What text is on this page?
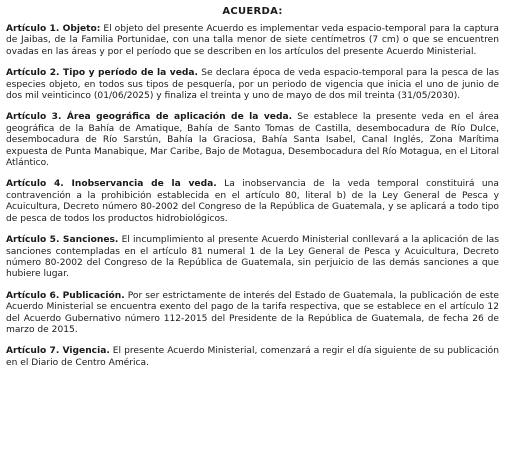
ACUERDA:

Artículo 1. Objeto: El objeto del presente Acuerdo es implementar veda espacio-temporal para la captura de Jaibas, de la Familia Portunidae, con una talla menor de siete centímetros (7 cm) o que se encuentren ovadas en las áreas y por el período que se describen en los artículos del presente Acuerdo Ministerial.

Artículo 2. Tipo y período de la veda. Se declara época de veda espacio-temporal para la pesca de las especies objeto, en todos sus tipos de pesquería, por un periodo de vigencia que inicia el uno de junio de dos mil veinticinco (01/06/2025) y finaliza el treinta y uno de mayo de dos mil treinta (31/05/2030).

Artículo 3. Área geográfica de aplicación de la veda. Se establece la presente veda en el área geográfica de la Bahía de Amatique, Bahía de Santo Tomas de Castilla, desembocadura de Río Dulce, desembocadura de Río Sarstún, Bahía la Graciosa, Bahía Santa Isabel, Canal Inglés, Zona Marítima expuesta de Punta Manabique, Mar Caribe, Bajo de Motagua, Desembocadura del Río Motagua, en el Litoral Atlántico.

Artículo 4. Inobservancia de la veda. La inobservancia de la veda temporal constituirá una contravención a la prohibición establecida en el artículo 80, literal b) de la Ley General de Pesca y Acuicultura, Decreto número 80-2002 del Congreso de la República de Guatemala, y se aplicará a todo tipo de pesca de todos los productos hidrobiológicos.

Artículo 5. Sanciones. El incumplimiento al presente Acuerdo Ministerial conllevará a la aplicación de las sanciones contempladas en el artículo 81 numeral 1 de la Ley General de Pesca y Acuicultura, Decreto número 80-2002 del Congreso de la República de Guatemala, sin perjuicio de las demás sanciones a que hubiere lugar.

Artículo 6. Publicación. Por ser estrictamente de interés del Estado de Guatemala, la publicación de este Acuerdo Ministerial se encuentra exento del pago de la tarifa respectiva, que se establece en el artículo 12 del Acuerdo Gubernativo número 112-2015 del Presidente de la República de Guatemala, de fecha 26 de marzo de 2015.

Artículo 7. Vigencia. El presente Acuerdo Ministerial, comenzará a regir el día siguiente de su publicación en el Diario de Centro América.
